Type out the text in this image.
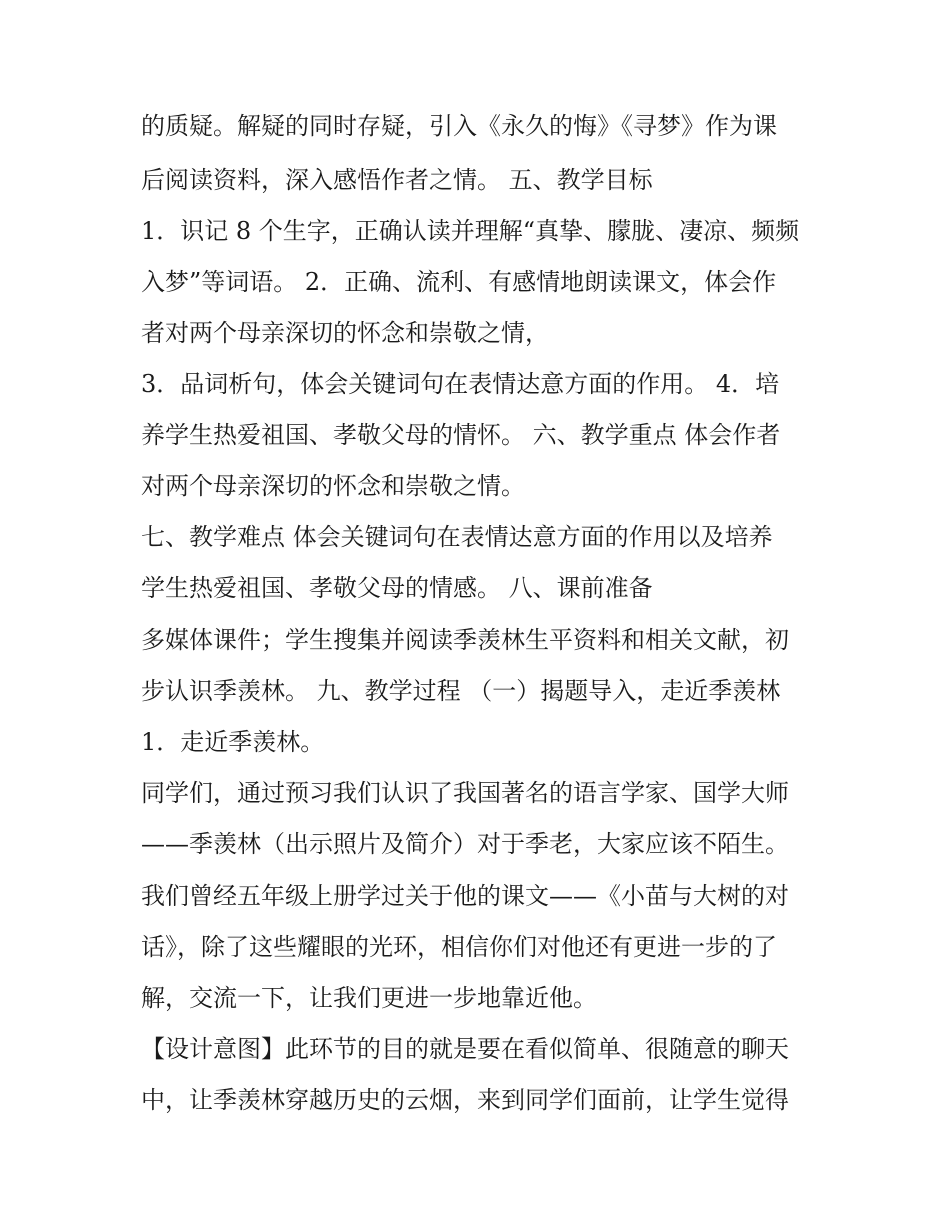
的质疑。解疑的同时存疑，引入《永久的悔》《寻梦》作为课
后阅读资料，深入感悟作者之情。 五、教学目标
1．识记 8 个生字，正确认读并理解“真挚、朦胧、凄凉、频频
入梦”等词语。 2．正确、流利、有感情地朗读课文，体会作
者对两个母亲深切的怀念和崇敬之情，
3．品词析句，体会关键词句在表情达意方面的作用。 4．培
养学生热爱祖国、孝敬父母的情怀。 六、教学重点 体会作者
对两个母亲深切的怀念和崇敬之情。
七、教学难点 体会关键词句在表情达意方面的作用以及培养
学生热爱祖国、孝敬父母的情感。 八、课前准备
多媒体课件；学生搜集并阅读季羡林生平资料和相关文献，初
步认识季羡林。 九、教学过程 （一）揭题导入，走近季羡林
1．走近季羡林。
同学们，通过预习我们认识了我国著名的语言学家、国学大师
——季羡林（出示照片及简介）对于季老，大家应该不陌生。
我们曾经五年级上册学过关于他的课文——《小苗与大树的对
话》，除了这些耀眼的光环，相信你们对他还有更进一步的了
解，交流一下，让我们更进一步地靠近他。
【设计意图】此环节的目的就是要在看似简单、很随意的聊天
中，让季羡林穿越历史的云烟，来到同学们面前，让学生觉得
